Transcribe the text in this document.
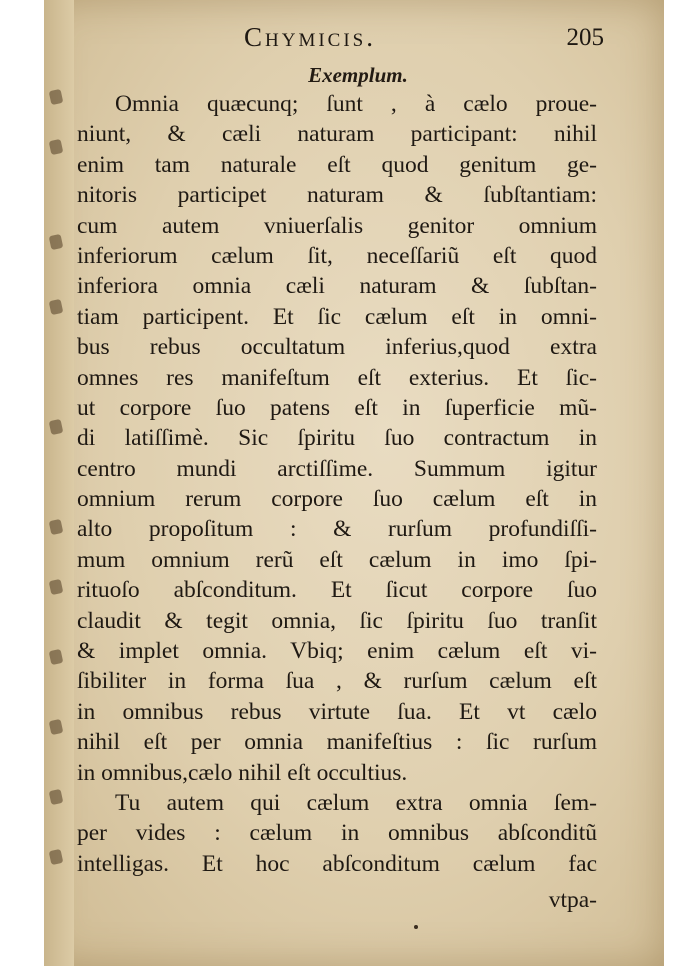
Chymicis.	205
Exemplum.
Omnia quæcunq; ſunt , à cælo proue-
niunt, & cæli naturam participant: nihil
enim tam naturale eſt quod genitum ge-
nitoris participet naturam & ſubſtantiam:
cum autem vniuerſalis genitor omnium
inferiorum cælum ſit, neceſſariũ eſt quod
inferiora omnia cæli naturam & ſubſtan-
tiam participent. Et ſic cælum eſt in omni-
bus rebus occultatum inferius,quod extra
omnes res manifeſtum eſt exterius. Et ſic-
ut corpore ſuo patens eſt in ſuperficie mũ-
di latiſſimè. Sic ſpiritu ſuo contractum in
centro mundi arctiſſime. Summum igitur
omnium rerum corpore ſuo cælum eſt in
alto propoſitum : & rurſum profundiſſi-
mum omnium rerũ eſt cælum in imo ſpi-
rituoſo abſconditum. Et ſicut corpore ſuo
claudit & tegit omnia, ſic ſpiritu ſuo tranſit
& implet omnia. Vbiq; enim cælum eſt vi-
ſibiliter in forma ſua , & rurſum cælum eſt
in omnibus rebus virtute ſua. Et vt cælo
nihil eſt per omnia manifeſtius : ſic rurſum
in omnibus,cælo nihil eſt occultius.
Tu autem qui cælum extra omnia ſem-
per vides : cælum in omnibus abſconditũ
intelligas. Et hoc abſconditum cælum fac
vtpa-
